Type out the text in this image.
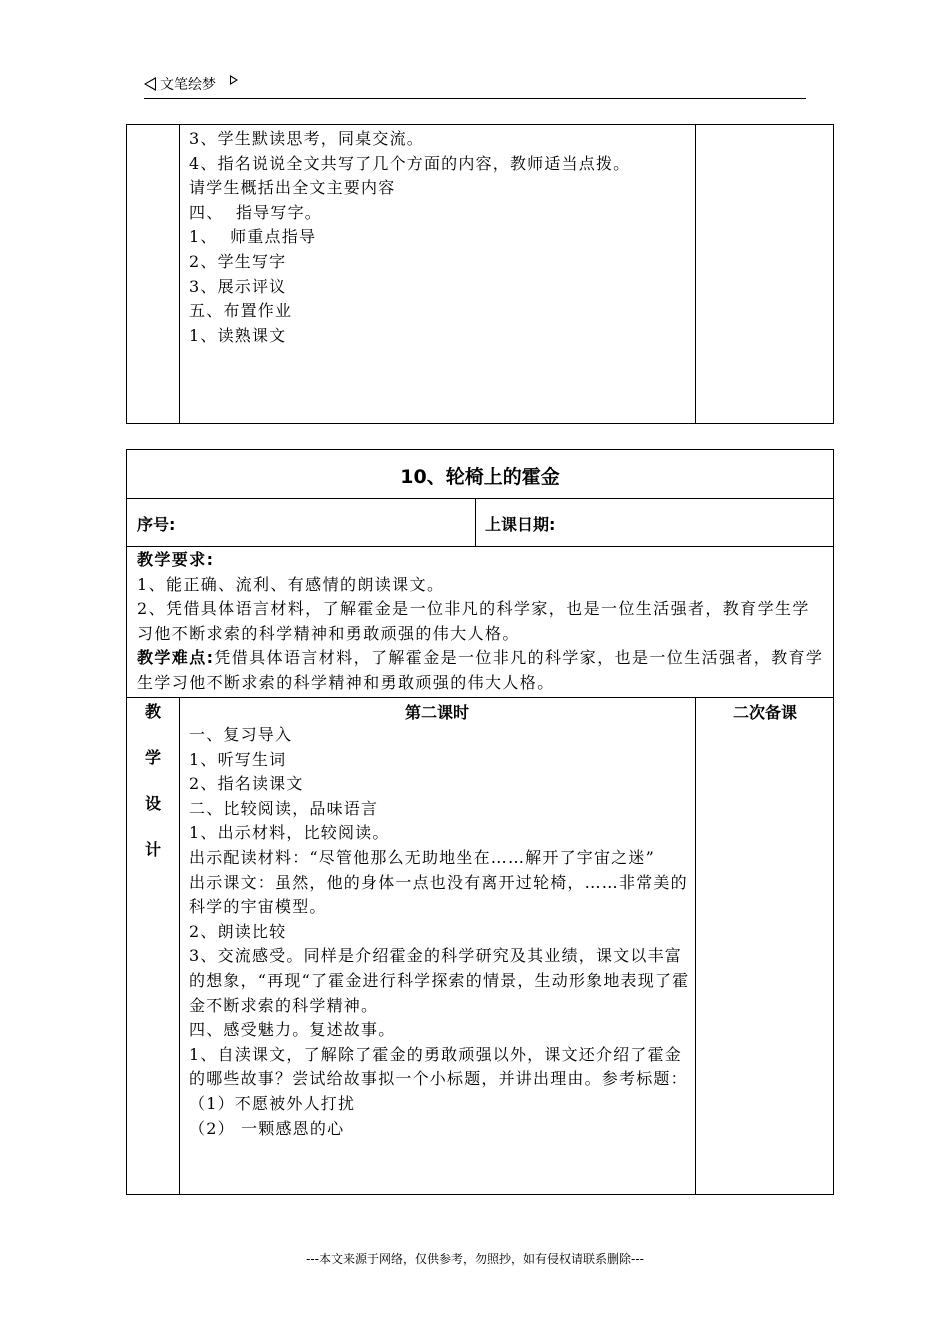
文笔绘梦
3、学生默读思考，同桌交流。
4、指名说说全文共写了几个方面的内容，教师适当点拨。
请学生概括出全文主要内容
四、  指导写字。
1、  师重点指导
2、学生写字
3、展示评议
五、布置作业
1、读熟课文
10、轮椅上的霍金
序号:	上课日期:
教学要求:
1、能正确、流利、有感情的朗读课文。
2、凭借具体语言材料，了解霍金是一位非凡的科学家，也是一位生活强者，教育学生学习他不断求索的科学精神和勇敢顽强的伟大人格。
教学难点:凭借具体语言材料，了解霍金是一位非凡的科学家，也是一位生活强者，教育学生学习他不断求索的科学精神和勇敢顽强的伟大人格。
教
学
设
计
第二课时	二次备课
一、复习导入
1、听写生词
2、指名读课文
二、比较阅读，品味语言
1、出示材料，比较阅读。
出示配读材料：“尽管他那么无助地坐在……解开了宇宙之迷”
出示课文：虽然，他的身体一点也没有离开过轮椅，……非常美的科学的宇宙模型。
2、朗读比较
3、交流感受。同样是介绍霍金的科学研究及其业绩，课文以丰富的想象，“再现“了霍金进行科学探索的情景，生动形象地表现了霍金不断求索的科学精神。
四、感受魅力。复述故事。
1、自渎课文，了解除了霍金的勇敢顽强以外，课文还介绍了霍金的哪些故事？尝试给故事拟一个小标题，并讲出理由。参考标题：
（1）不愿被外人打扰
（2） 一颗感恩的心
---本文来源于网络，仅供参考，勿照抄，如有侵权请联系删除---
